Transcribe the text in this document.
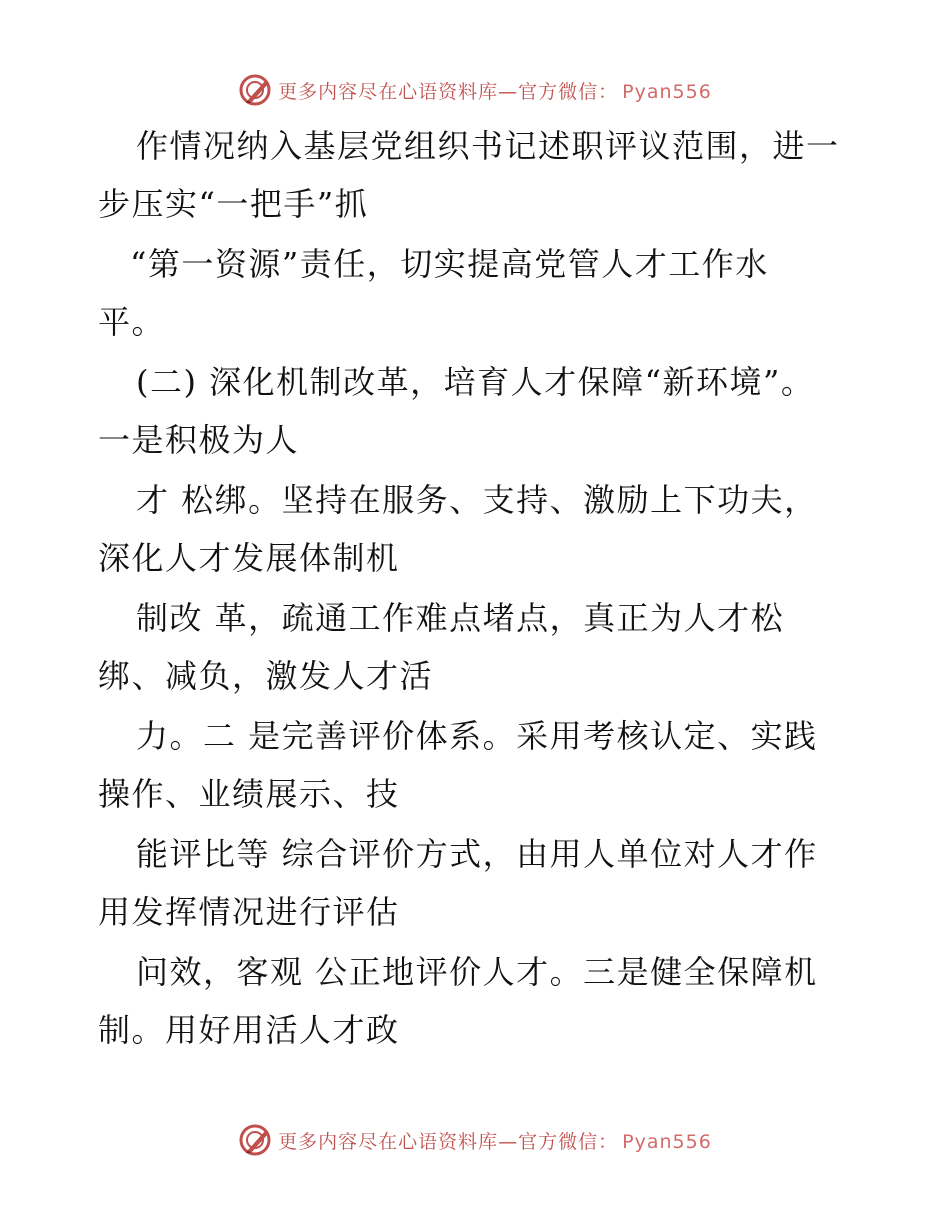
更多内容尽在心语资料库—官方微信： Pyan556
作情况纳入基层党组织书记述职评议范围，进一
步压实“一把手”抓
“第一资源”责任，切实提高党管人才工作水
平。
(二) 深化机制改革，培育人才保障“新环境”。
一是积极为人
才 松绑。坚持在服务、支持、激励上下功夫，
深化人才发展体制机
制改 革，疏通工作难点堵点，真正为人才松
绑、减负，激发人才活
力。二 是完善评价体系。采用考核认定、实践
操作、业绩展示、技
能评比等 综合评价方式，由用人单位对人才作
用发挥情况进行评估
问效，客观 公正地评价人才。三是健全保障机
制。用好用活人才政
更多内容尽在心语资料库—官方微信： Pyan556
